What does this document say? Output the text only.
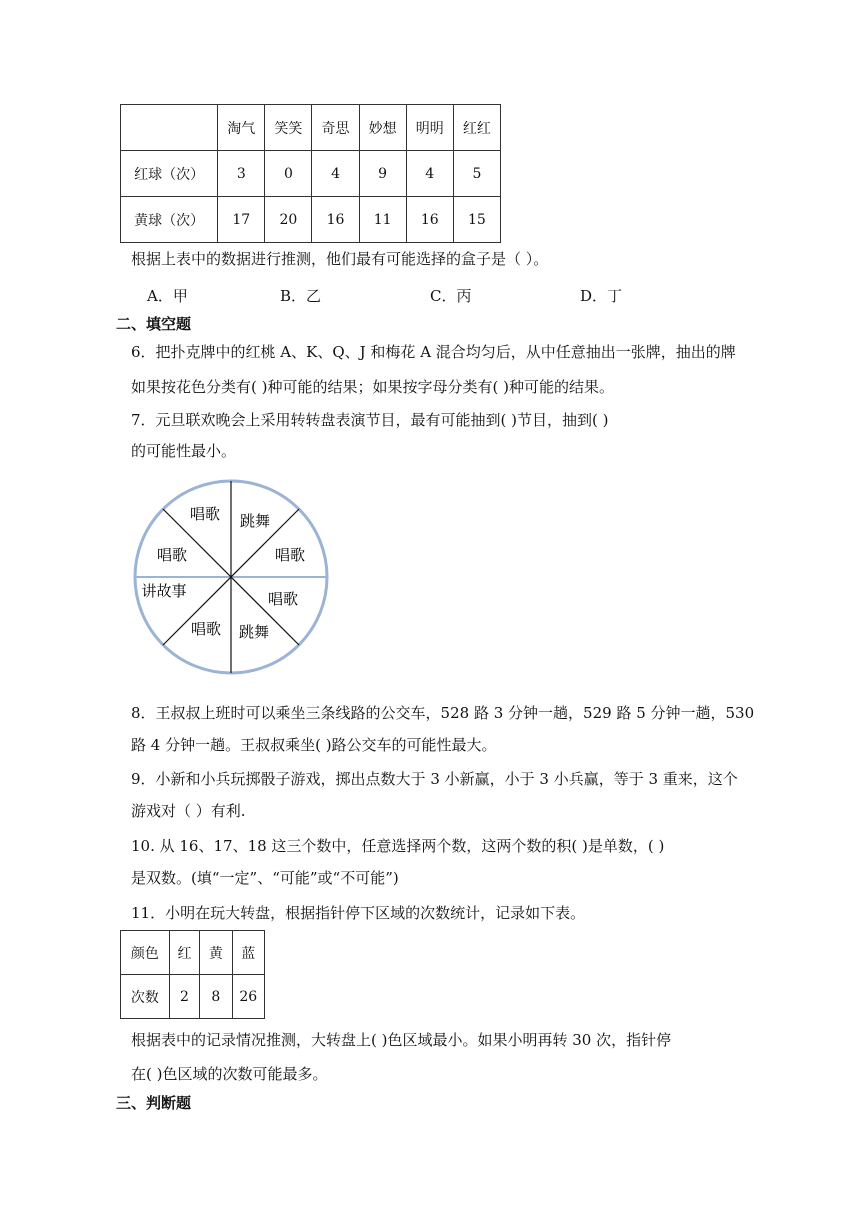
	淘气	笑笑	奇思	妙想	明明	红红
红球（次）	3	0	4	9	4	5
黄球（次）	17	20	16	11	16	15
根据上表中的数据进行推测，他们最有可能选择的盒子是（ ）。
A．甲	B．乙	C．丙	D．丁
二、填空题
6．把扑克牌中的红桃 A、K、Q、J 和梅花 A 混合均匀后，从中任意抽出一张牌，抽出的牌
如果按花色分类有( )种可能的结果；如果按字母分类有( )种可能的结果。
7．元旦联欢晚会上采用转转盘表演节目，最有可能抽到( )节目，抽到( )
的可能性最小。
唱歌 跳舞
唱歌
唱歌
讲故事
唱歌
跳舞
唱歌
8．王叔叔上班时可以乘坐三条线路的公交车，528 路 3 分钟一趟，529 路 5 分钟一趟，530
路 4 分钟一趟。王叔叔乘坐( )路公交车的可能性最大。
9．小新和小兵玩掷骰子游戏，掷出点数大于 3 小新赢，小于 3 小兵赢，等于 3 重来，这个
游戏对（ ）有利.
10. 从 16、17、18 这三个数中，任意选择两个数，这两个数的积( )是单数，( )
是双数。(填“一定”、“可能”或“不可能”)
11．小明在玩大转盘，根据指针停下区域的次数统计，记录如下表。
颜色	红	黄	蓝
次数	2	8	26
根据表中的记录情况推测，大转盘上( )色区域最小。如果小明再转 30 次，指针停
在( )色区域的次数可能最多。
三、判断题
